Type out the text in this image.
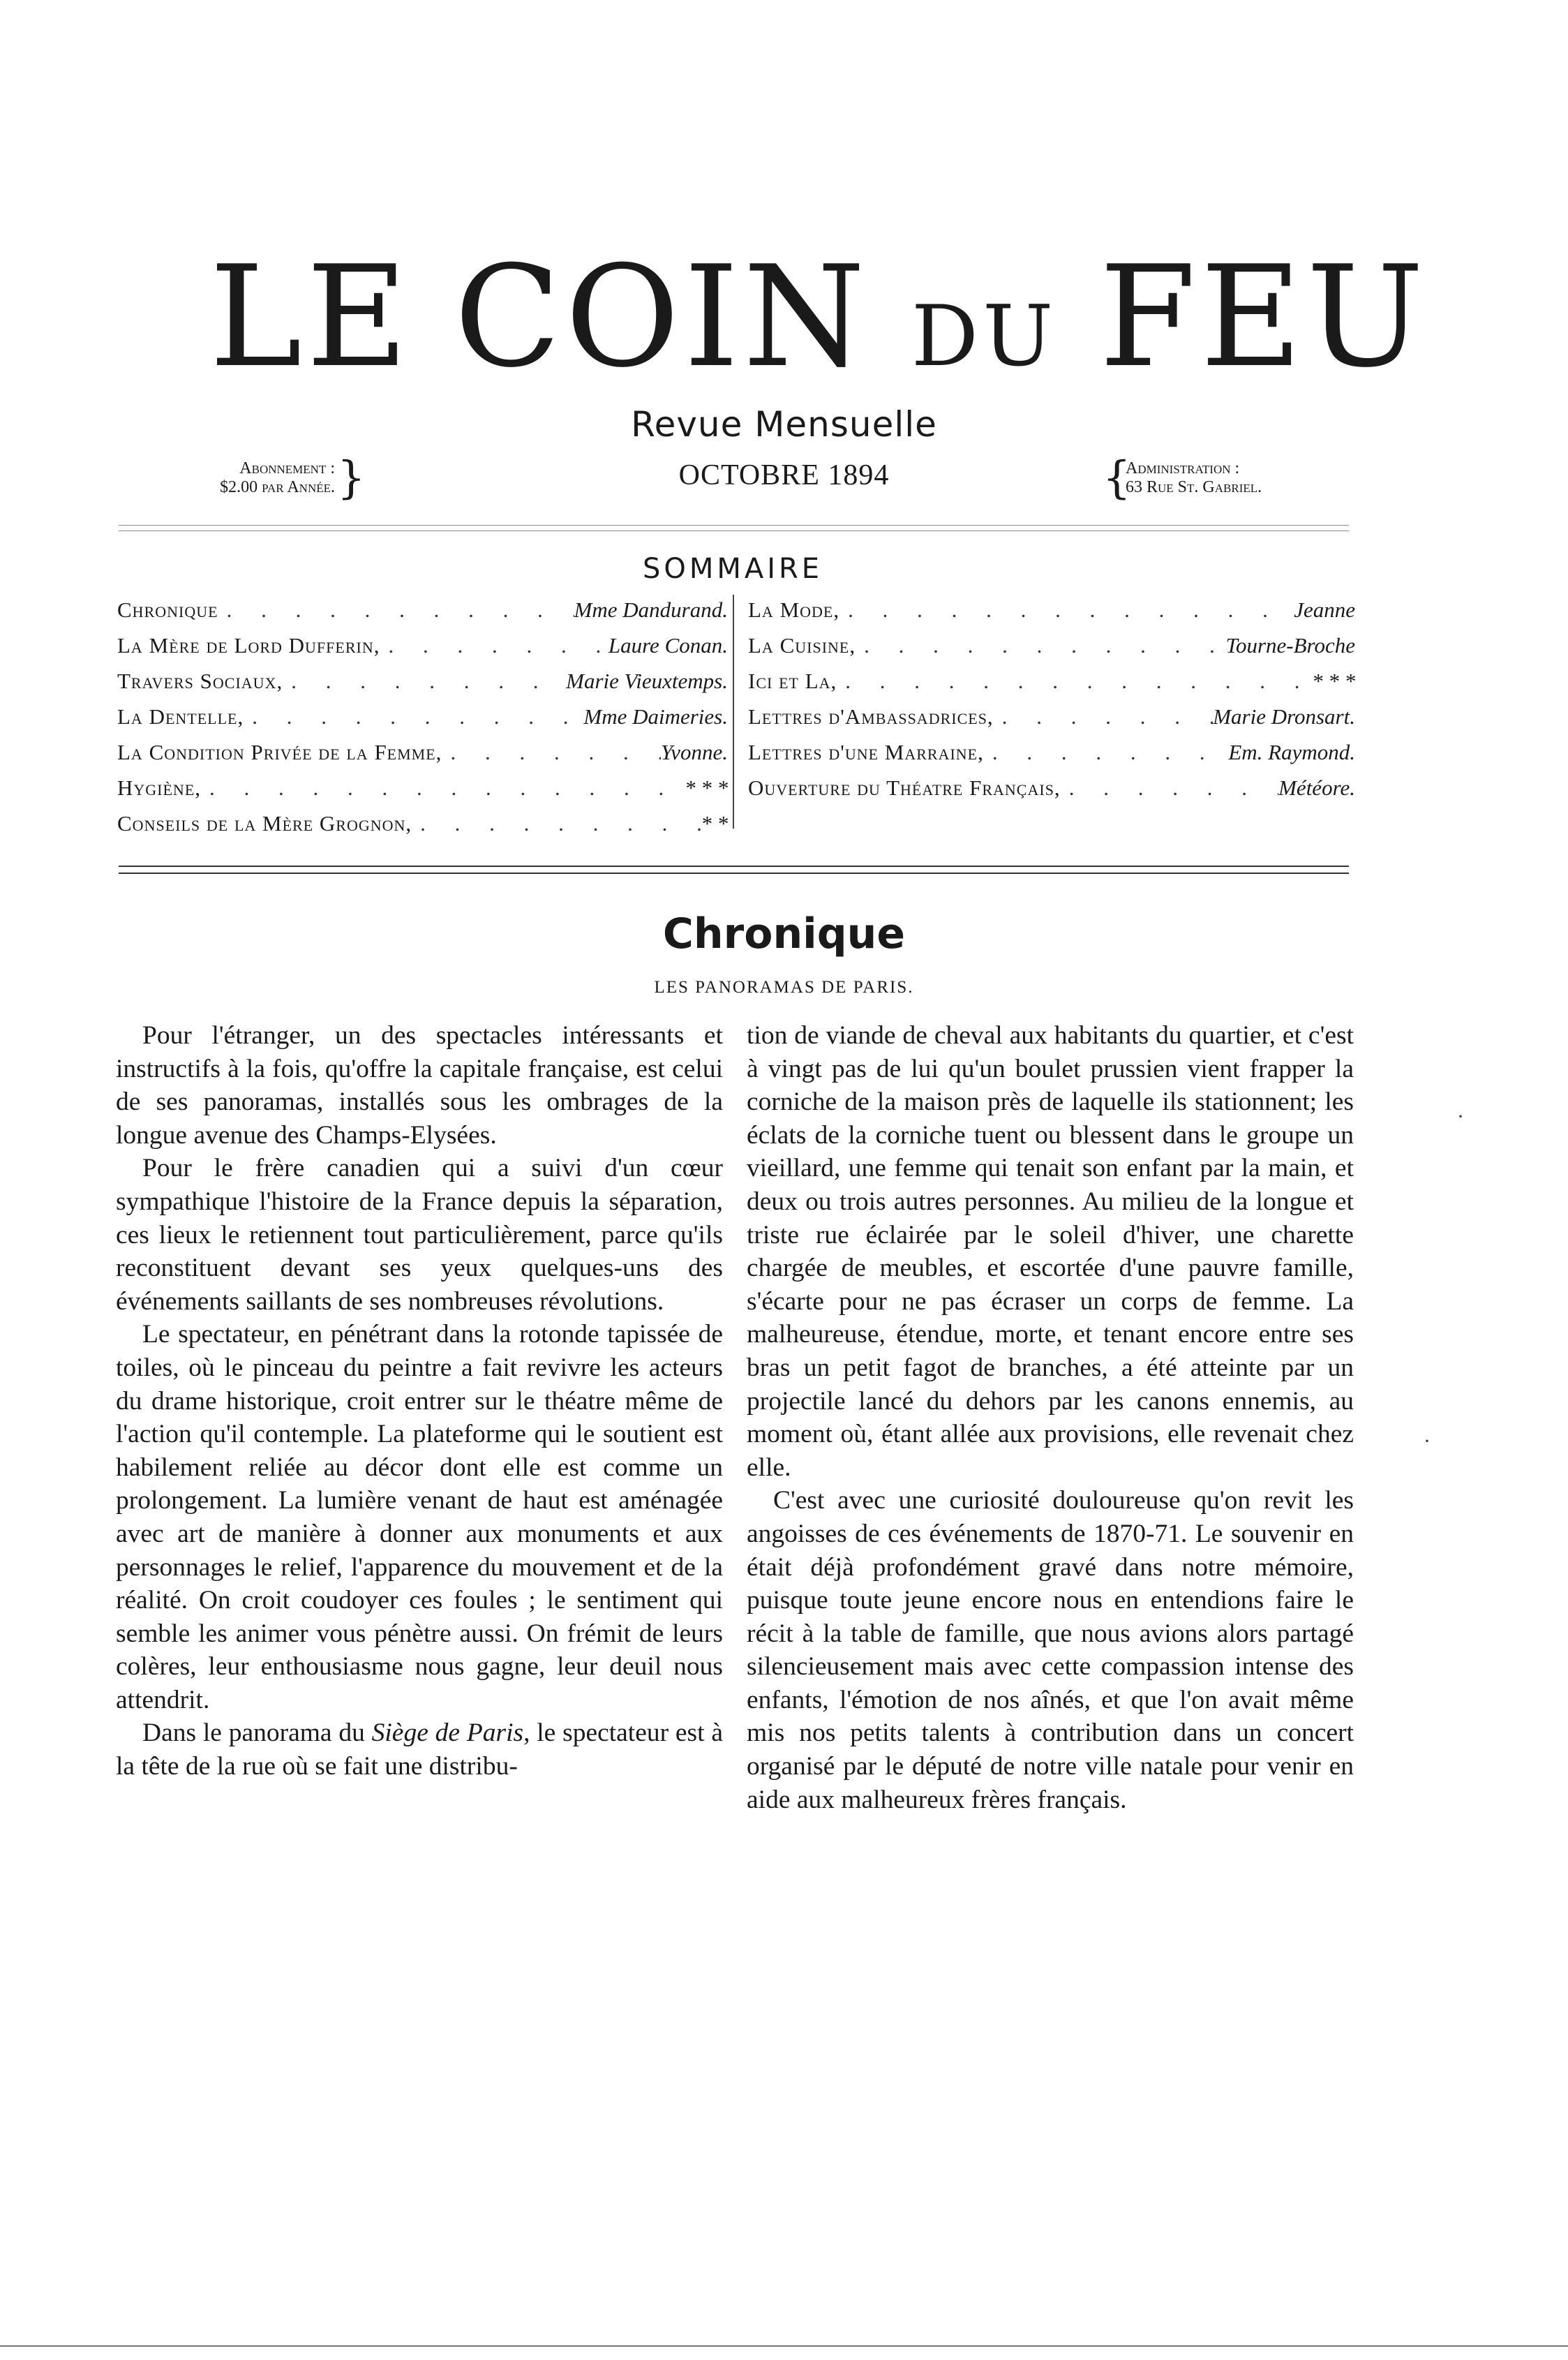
LE COIN DU FEU
Revue Mensuelle
OCTOBRE 1894
Abonnement :
$2.00 par Année. }	{
Administration :
63 Rue St. Gabriel.
SOMMAIRE
Chronique . . .	Mme Dandurand.
La Mère de Lord Dufferin, . . .	Laure Conan.
Travers Sociaux, . . .	Marie Vieuxtemps.
La Dentelle, . . .	Mme Daimeries.
La Condition Privée de la Femme, . . .	Yvonne.
Hygiène, . . .	* * *
Conseils de la Mère Grognon, . . .	* *
La Mode, . . .	Jeanne
La Cuisine, . . .	Tourne-Broche
Ici et La, . . .	* * *
Lettres d'Ambassadrices, . . .	Marie Dronsart.
Lettres d'une Marraine, . . .	Em. Raymond.
Ouverture du Théatre Français, . . .	Météore.
Chronique
LES PANORAMAS DE PARIS.

Pour l'étranger, un des spectacles intéressants et instructifs à la fois, qu'offre la capitale française, est celui de ses panoramas, installés sous les ombrages de la longue avenue des Champs-Elysées.

Pour le frère canadien qui a suivi d'un cœur sympathique l'histoire de la France depuis la séparation, ces lieux le retiennent tout particulièrement, parce qu'ils reconstituent devant ses yeux quelques-uns des événements saillants de ses nombreuses révolutions.

Le spectateur, en pénétrant dans la rotonde tapissée de toiles, où le pinceau du peintre a fait revivre les acteurs du drame historique, croit entrer sur le théatre même de l'action qu'il contemple. La plateforme qui le soutient est habilement reliée au décor dont elle est comme un prolongement. La lumière venant de haut est aménagée avec art de manière à donner aux monuments et aux personnages le relief, l'apparence du mouvement et de la réalité. On croit coudoyer ces foules ; le sentiment qui semble les animer vous pénètre aussi. On frémit de leurs colères, leur enthousiasme nous gagne, leur deuil nous attendrit.

Dans le panorama du Siège de Paris, le spectateur est à la tête de la rue où se fait une distribu-

tion de viande de cheval aux habitants du quartier, et c'est à vingt pas de lui qu'un boulet prussien vient frapper la corniche de la maison près de laquelle ils stationnent; les éclats de la corniche tuent ou blessent dans le groupe un vieillard, une femme qui tenait son enfant par la main, et deux ou trois autres personnes. Au milieu de la longue et triste rue éclairée par le soleil d'hiver, une charette chargée de meubles, et escortée d'une pauvre famille, s'écarte pour ne pas écraser un corps de femme. La malheureuse, étendue, morte, et tenant encore entre ses bras un petit fagot de branches, a été atteinte par un projectile lancé du dehors par les canons ennemis, au moment où, étant allée aux provisions, elle revenait chez elle.

C'est avec une curiosité douloureuse qu'on revit les angoisses de ces événements de 1870-71. Le souvenir en était déjà profondément gravé dans notre mémoire, puisque toute jeune encore nous en entendions faire le récit à la table de famille, que nous avions alors partagé silencieusement mais avec cette compassion intense des enfants, l'émotion de nos aînés, et que l'on avait même mis nos petits talents à contribution dans un concert organisé par le député de notre ville natale pour venir en aide aux malheureux frères français.

·
·
